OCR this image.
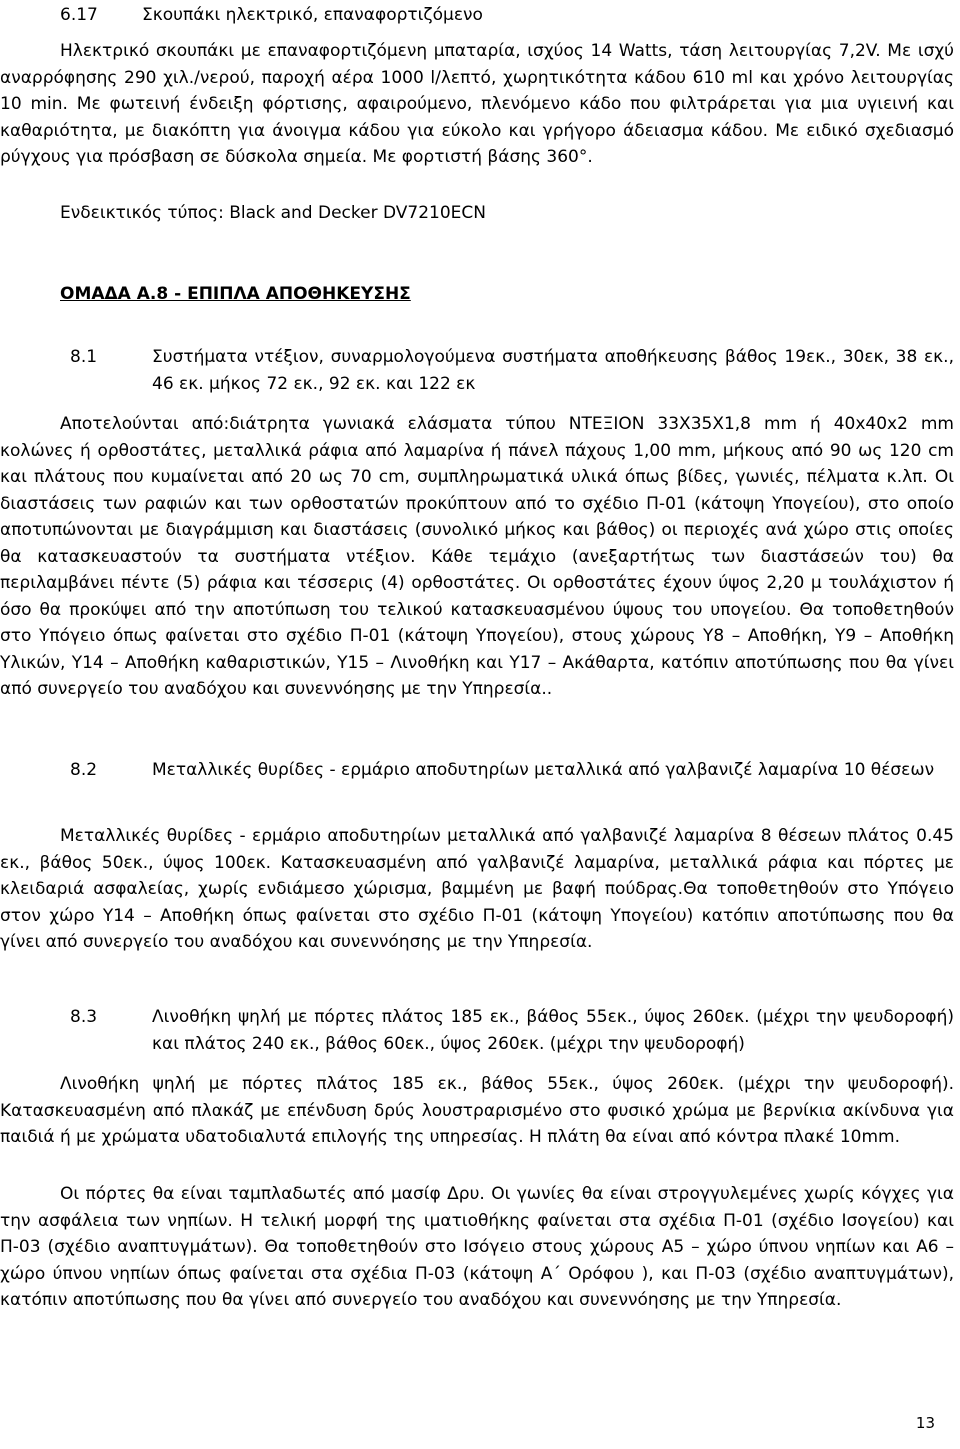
6.17	Σκουπάκι ηλεκτρικό, επαναφορτιζόμενο
Ηλεκτρικό σκουπάκι με επαναφορτιζόμενη μπαταρία, ισχύος 14 Watts, τάση λειτουργίας 7,2V. Με ισχύ αναρρόφησης 290 χιλ./νερού, παροχή αέρα 1000 l/λεπτό, χωρητικότητα κάδου 610 ml και χρόνο λειτουργίας 10 min. Με φωτεινή ένδειξη φόρτισης, αφαιρούμενο, πλενόμενο κάδο που φιλτράρεται για μια υγιεινή και καθαριότητα, με διακόπτη για άνοιγμα κάδου για εύκολο και γρήγορο άδειασμα κάδου. Με ειδικό σχεδιασμό ρύγχους για πρόσβαση σε δύσκολα σημεία. Με φορτιστή βάσης 360°.
Ενδεικτικός τύπος: Black and Decker DV7210ECN
ΟΜΑΔΑ Α.8 - ΕΠΙΠΛΑ ΑΠΟΘΗΚΕΥΣΗΣ
8.1	Συστήματα ντέξιον, συναρμολογούμενα συστήματα αποθήκευσης βάθος 19εκ., 30εκ, 38 εκ., 46 εκ. μήκος 72 εκ., 92 εκ. και 122 εκ
Αποτελούνται από:διάτρητα γωνιακά ελάσματα τύπου ΝΤΕΞΙΟΝ 33Χ35Χ1,8 mm ή 40x40x2 mm κολώνες ή ορθοστάτες, μεταλλικά ράφια από λαμαρίνα ή πάνελ πάχους 1,00 mm, μήκους από 90 ως 120 cm και πλάτους που κυμαίνεται από 20 ως 70 cm, συμπληρωματικά υλικά όπως βίδες, γωνιές, πέλματα κ.λπ. Οι διαστάσεις των ραφιών και των ορθοστατών προκύπτουν από το σχέδιο Π-01 (κάτοψη Υπογείου), στο οποίο αποτυπώνονται με διαγράμμιση και διαστάσεις (συνολικό μήκος και βάθος) οι περιοχές ανά χώρο στις οποίες θα κατασκευαστούν τα συστήματα ντέξιον. Κάθε τεμάχιο (ανεξαρτήτως των διαστάσεών του) θα περιλαμβάνει πέντε (5) ράφια και τέσσερις (4) ορθοστάτες. Οι ορθοστάτες έχουν ύψος 2,20 μ τουλάχιστον ή όσο θα προκύψει από την αποτύπωση του τελικού κατασκευασμένου ύψους του υπογείου. Θα τοποθετηθούν στο Υπόγειο όπως φαίνεται στο σχέδιο Π-01 (κάτοψη Υπογείου), στους χώρους Υ8 – Αποθήκη, Υ9 – Αποθήκη Υλικών, Υ14 – Αποθήκη καθαριστικών, Υ15 – Λινοθήκη και Υ17 – Ακάθαρτα, κατόπιν αποτύπωσης που θα γίνει από συνεργείο του αναδόχου και συνεννόησης με την Υπηρεσία..
8.2	Μεταλλικές θυρίδες - ερμάριο αποδυτηρίων μεταλλικά από γαλβανιζέ λαμαρίνα 10 θέσεων
Μεταλλικές θυρίδες - ερμάριο αποδυτηρίων μεταλλικά από γαλβανιζέ λαμαρίνα 8 θέσεων πλάτος 0.45 εκ., βάθος 50εκ., ύψος 100εκ. Κατασκευασμένη από γαλβανιζέ λαμαρίνα, μεταλλικά ράφια και πόρτες με κλειδαριά ασφαλείας, χωρίς ενδιάμεσο χώρισμα, βαμμένη με βαφή πούδρας.Θα τοποθετηθούν στο Υπόγειο στον χώρο Υ14 – Αποθήκη όπως φαίνεται στο σχέδιο Π-01 (κάτοψη Υπογείου) κατόπιν αποτύπωσης που θα γίνει από συνεργείο του αναδόχου και συνεννόησης με την Υπηρεσία.
8.3	Λινοθήκη ψηλή με πόρτες πλάτος 185 εκ., βάθος 55εκ., ύψος 260εκ. (μέχρι την ψευδοροφή) και πλάτος 240 εκ., βάθος 60εκ., ύψος 260εκ. (μέχρι την ψευδοροφή)
Λινοθήκη ψηλή με πόρτες πλάτος 185 εκ., βάθος 55εκ., ύψος 260εκ. (μέχρι την ψευδοροφή). Κατασκευασμένη από πλακάζ με επένδυση δρύς λουστραρισμένο στο φυσικό χρώμα με βερνίκια ακίνδυνα για παιδιά ή με χρώματα υδατοδιαλυτά επιλογής της υπηρεσίας. Η πλάτη θα είναι από κόντρα πλακέ 10mm.
Οι πόρτες θα είναι ταμπλαδωτές από μασίφ Δρυ. Οι γωνίες θα είναι στρογγυλεμένες χωρίς κόγχες για την ασφάλεια των νηπίων. Η τελική μορφή της ιματιοθήκης φαίνεται στα σχέδια Π-01 (σχέδιο Ισογείου) και Π-03 (σχέδιο αναπτυγμάτων). Θα τοποθετηθούν στο Ισόγειο στους χώρους Α5 – χώρο ύπνου νηπίων και Α6 – χώρο ύπνου νηπίων όπως φαίνεται στα σχέδια Π-03 (κάτοψη Α΄ Ορόφου ), και Π-03 (σχέδιο αναπτυγμάτων), κατόπιν αποτύπωσης που θα γίνει από συνεργείο του αναδόχου και συνεννόησης με την Υπηρεσία.
13
